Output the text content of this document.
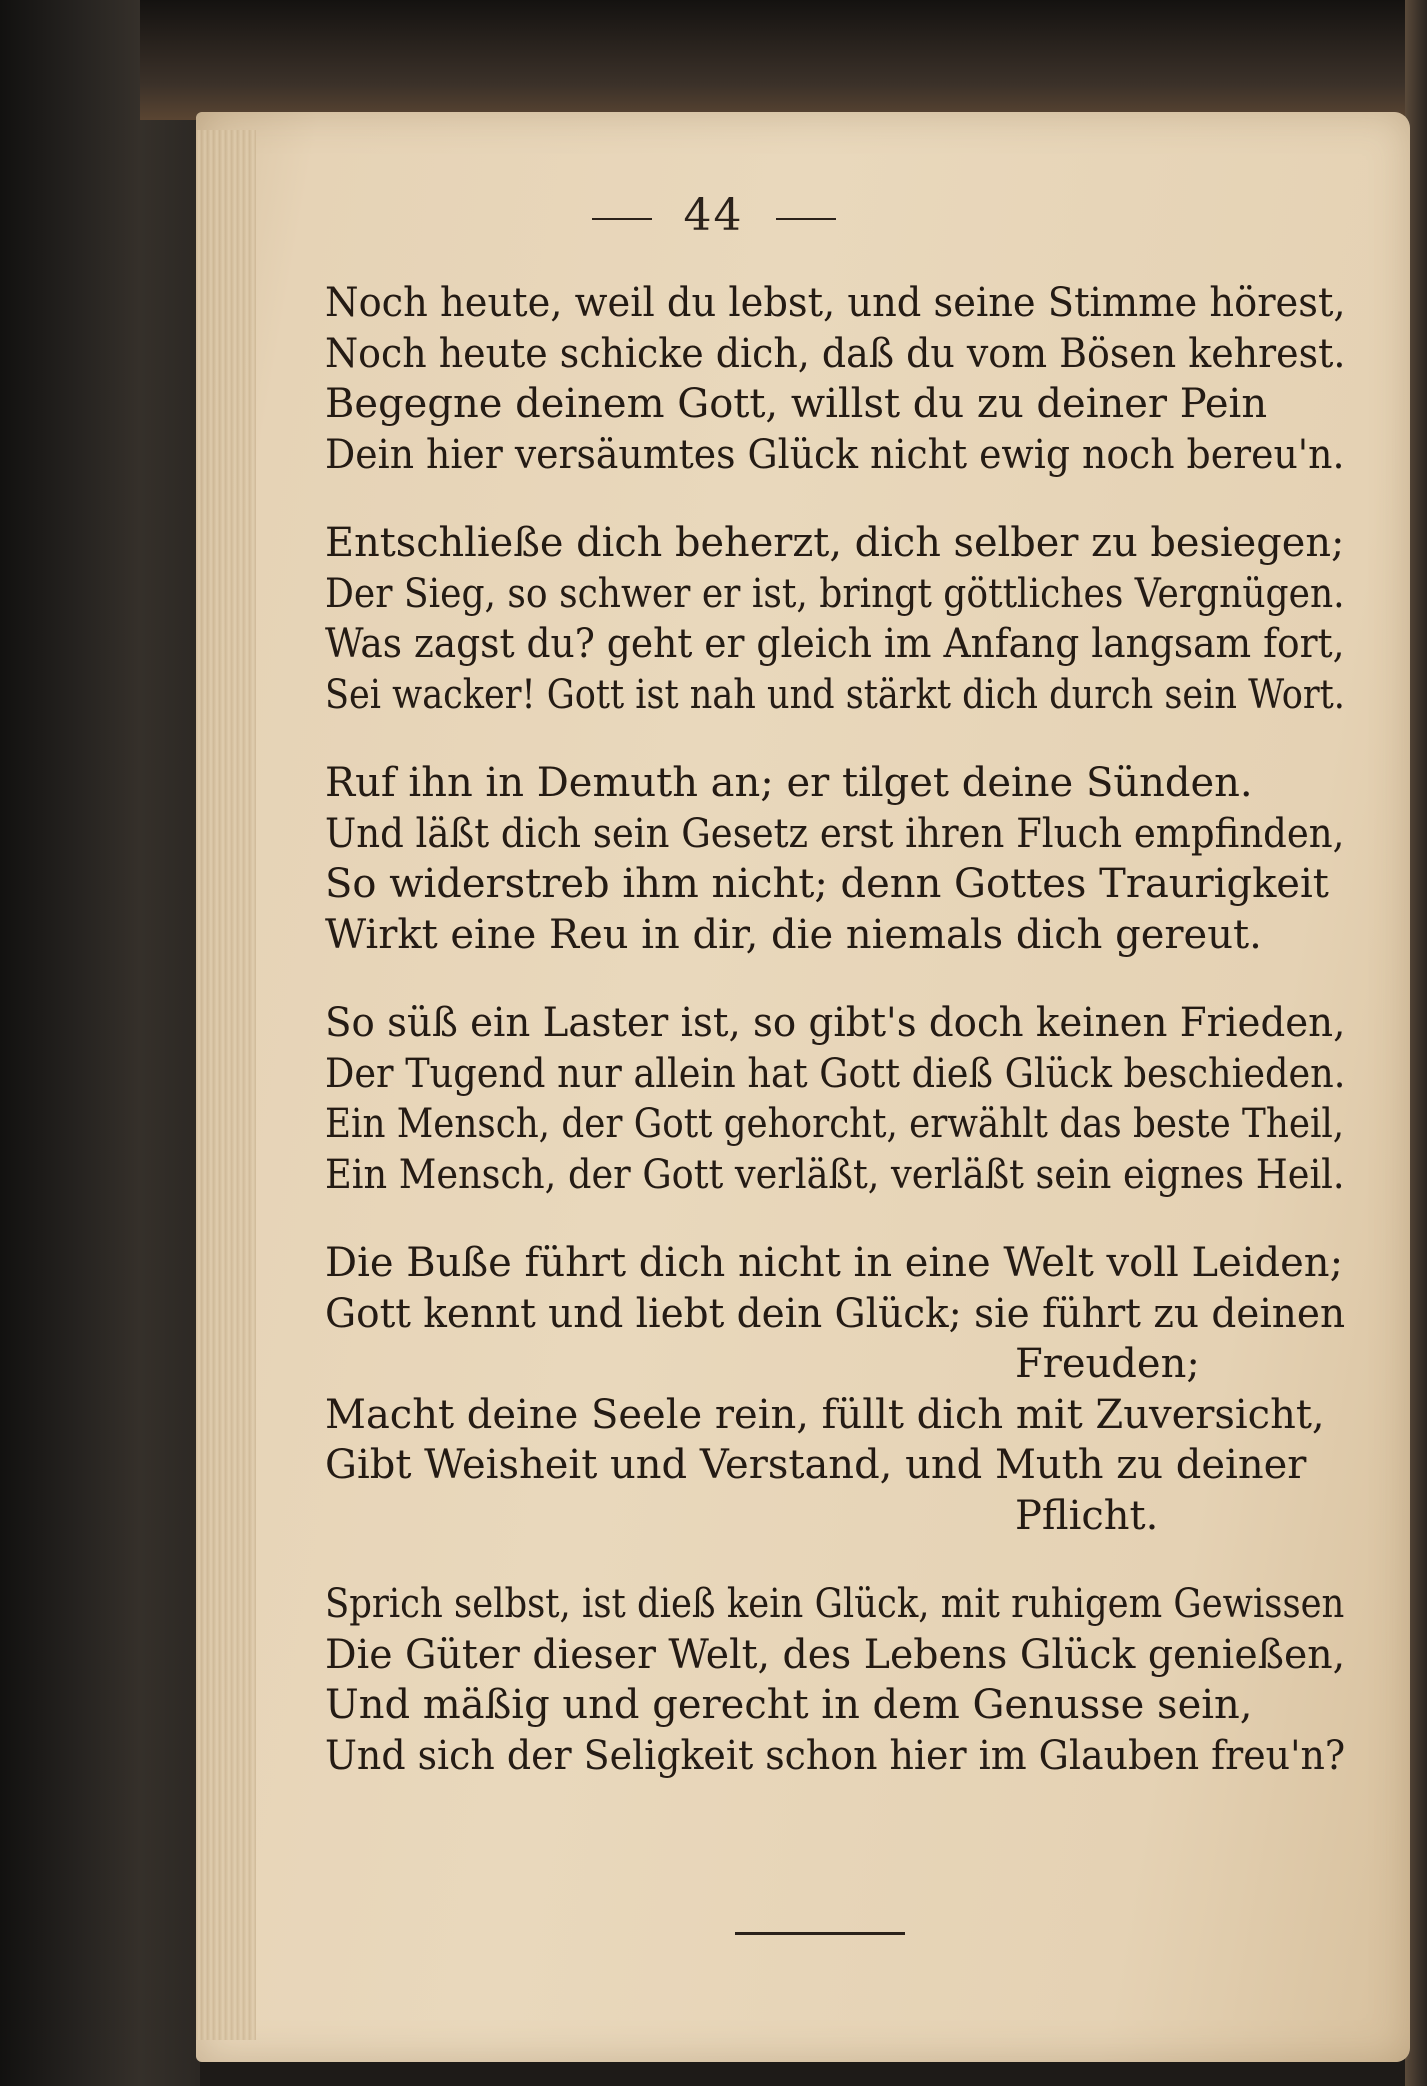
44
Noch heute, weil du lebst, und seine Stimme hörest,
Noch heute schicke dich, daß du vom Bösen kehrest.
Begegne deinem Gott, willst du zu deiner Pein
Dein hier versäumtes Glück nicht ewig noch bereu'n.
Entschließe dich beherzt, dich selber zu besiegen;
Der Sieg, so schwer er ist, bringt göttliches Vergnügen.
Was zagst du? geht er gleich im Anfang langsam fort,
Sei wacker! Gott ist nah und stärkt dich durch sein Wort.
Ruf ihn in Demuth an; er tilget deine Sünden.
Und läßt dich sein Gesetz erst ihren Fluch empfinden,
So widerstreb ihm nicht; denn Gottes Traurigkeit
Wirkt eine Reu in dir, die niemals dich gereut.
So süß ein Laster ist, so gibt's doch keinen Frieden,
Der Tugend nur allein hat Gott dieß Glück beschieden.
Ein Mensch, der Gott gehorcht, erwählt das beste Theil,
Ein Mensch, der Gott verläßt, verläßt sein eignes Heil.
Die Buße führt dich nicht in eine Welt voll Leiden;
Gott kennt und liebt dein Glück; sie führt zu deinen
Freuden;
Macht deine Seele rein, füllt dich mit Zuversicht,
Gibt Weisheit und Verstand, und Muth zu deiner
Pflicht.
Sprich selbst, ist dieß kein Glück, mit ruhigem Gewissen
Die Güter dieser Welt, des Lebens Glück genießen,
Und mäßig und gerecht in dem Genusse sein,
Und sich der Seligkeit schon hier im Glauben freu'n?
